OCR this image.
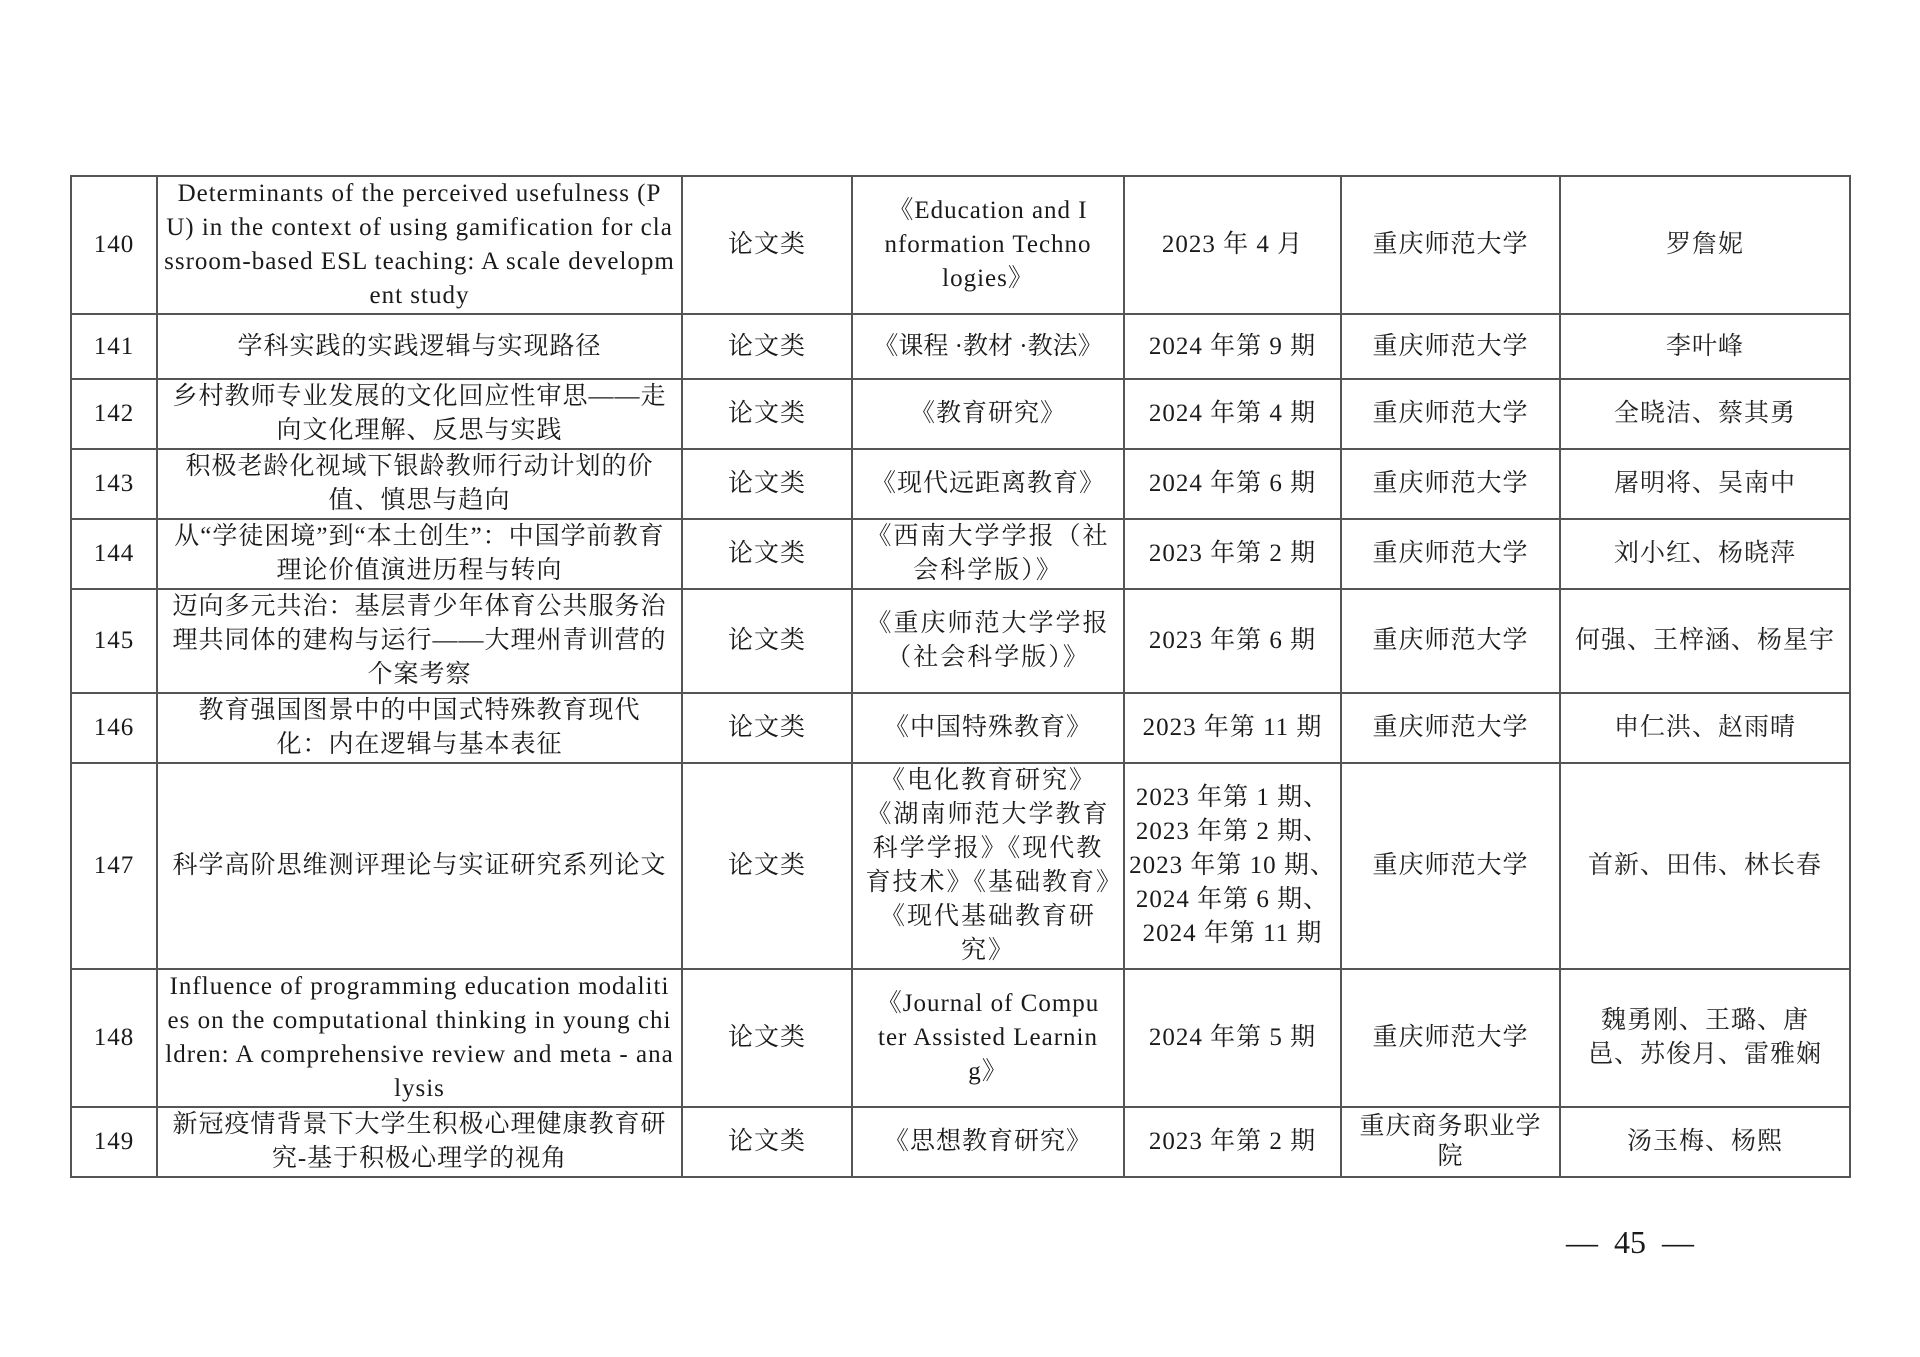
140	Determinants of the perceived usefulness (PU) in the context of using gamification for classroom-based ESL teaching: A scale development study	论文类	《Education and Information Technologies》	2023 年 4 月	重庆师范大学	罗詹妮
141	学科实践的实践逻辑与实现路径	论文类	《课程 ·教材 ·教法》	2024 年第 9 期	重庆师范大学	李叶峰
142	乡村教师专业发展的文化回应性审思——走向文化理解、反思与实践	论文类	《教育研究》	2024 年第 4 期	重庆师范大学	全晓洁、蔡其勇
143	积极老龄化视域下银龄教师行动计划的价值、慎思与趋向	论文类	《现代远距离教育》	2024 年第 6 期	重庆师范大学	屠明将、吴南中
144	从“学徒困境”到“本土创生”：中国学前教育理论价值演进历程与转向	论文类	《西南大学学报（社会科学版）》	2023 年第 2 期	重庆师范大学	刘小红、杨晓萍
145	迈向多元共治：基层青少年体育公共服务治理共同体的建构与运行——大理州青训营的个案考察	论文类	《重庆师范大学学报（社会科学版）》	2023 年第 6 期	重庆师范大学	何强、王梓涵、杨星宇
146	教育强国图景中的中国式特殊教育现代化：内在逻辑与基本表征	论文类	《中国特殊教育》	2023 年第 11 期	重庆师范大学	申仁洪、赵雨晴
147	科学高阶思维测评理论与实证研究系列论文	论文类	《电化教育研究》《湖南师范大学教育科学学报》《现代教育技术》《基础教育》《现代基础教育研究》	2023 年第 1 期、
2023 年第 2 期、
2023 年第 10 期、
2024 年第 6 期、
2024 年第 11 期	重庆师范大学	首新、田伟、林长春
148	Influence of programming education modalities on the computational thinking in young children: A comprehensive review and meta - analysis	论文类	《Journal of Computer Assisted Learning》	2024 年第 5 期	重庆师范大学	魏勇刚、王璐、唐邑、苏俊月、雷雅娴
149	新冠疫情背景下大学生积极心理健康教育研究-基于积极心理学的视角	论文类	《思想教育研究》	2023 年第 2 期	重庆商务职业学院	汤玉梅、杨熙
—  45  —
